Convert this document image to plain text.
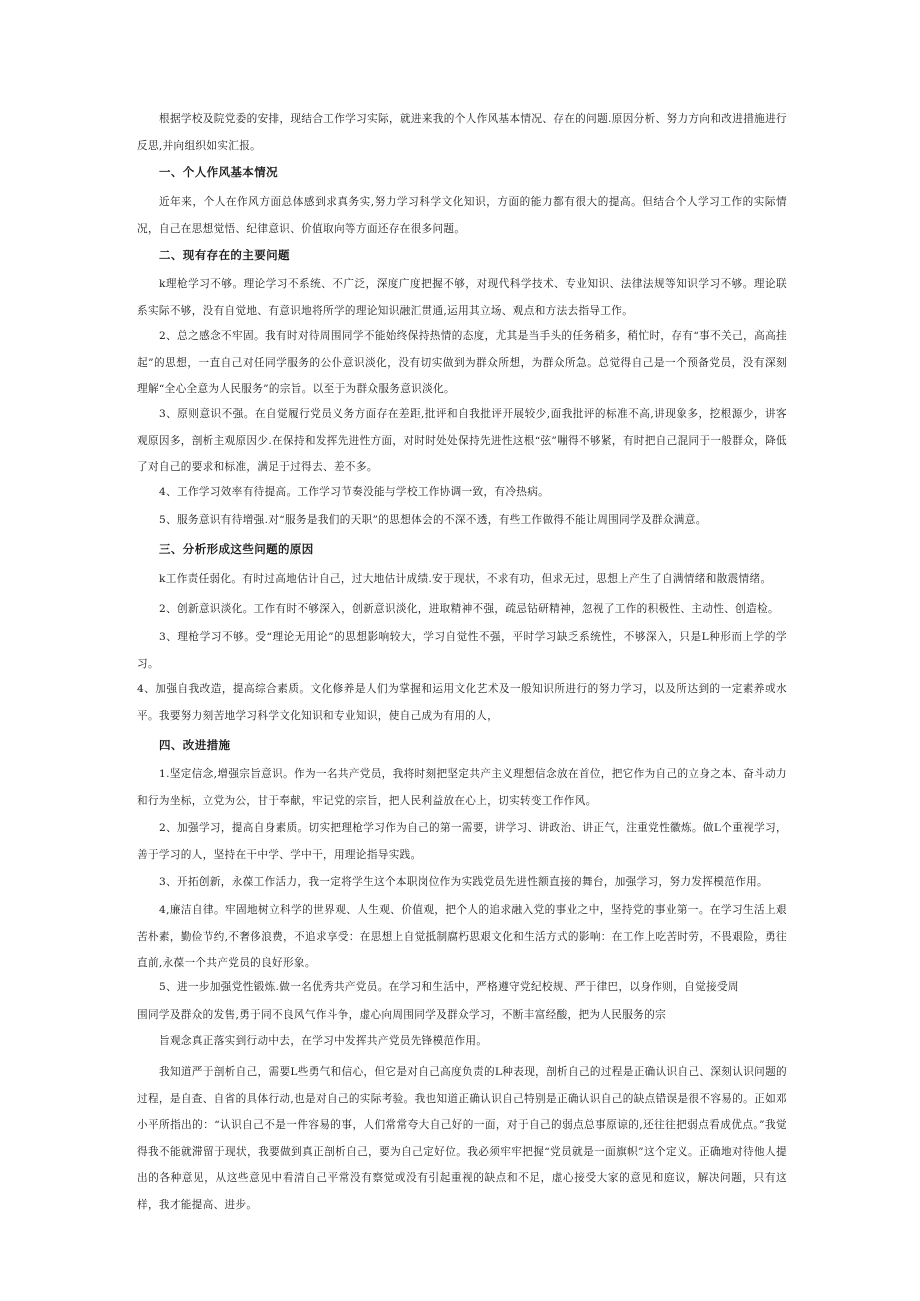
根据学校及院党委的安排，现结合工作学习实际，就进来我的个人作风基本情况、存在的问题.原因分析、努力方向和改进措施进行反思,并向组织如实汇报。

一、个人作风基本情况

近年来，个人在作风方面总体感到求真务实,努力学习科学文化知识，方面的能力都有很大的提高。但结合个人学习工作的实际情况，自己在思想觉悟、纪律意识、价值取向等方面还存在很多问题。

二、现有存在的主要问题

k理枪学习不够。理论学习不系统、不广泛，深度广度把握不够，对现代科学技术、专业知识、法律法规等知识学习不够。理论联系实际不够，没有自觉地、有意识地将所学的理论知识融汇贯通,运用其立场、观点和方法去指导工作。

2、总之感念不牢固。我有时对待周围同学不能始终保持热情的态度，尤其是当手头的任务稍多，稍忙时，存有“事不关己，高高挂起”的思想，一直自己对任同学服务的公仆意识淡化，没有切实做到为群众所想，为群众所急。总觉得自己是一个预备党员，没有深刻理解“全心全意为人民服务”的宗旨。以至于为群众服务意识淡化。

3、原则意识不强。在自觉履行党员义务方面存在差距,批评和自我批评开展较少,面我批评的标准不高,讲现象多，挖根源少，讲客观原因多，剖析主观原因少.在保持和发挥先进性方面，对时时处处保持先进性这根“弦”嘣得不够紧，有时把自己混同于一般群众，降低了对自己的要求和标准，满足于过得去、差不多。

4、工作学习效率有待提高。工作学习节奏没能与学校工作协调一致，有冷热病。

5、服务意识有待增强.对“服务是我们的天职”的思想体会的不深不透，有些工作做得不能让周围同学及群众满意。

三、分析形成这些问题的原因

k工作责任弱化。有时过高地估计自己，过大地估计成绩.安于现状，不求有功，但求无过，思想上产生了自满情绪和散震情绪。

2、创新意识淡化。工作有时不够深入，创新意识淡化，进取精神不强，疏忌钻研精神，忽视了工作的积极性、主动性、创造检。

3、理枪学习不够。受“理论无用论”的思想影响较大，学习自觉性不强，平时学习缺乏系统性，不够深入，只是L种形而上学的学习。

4、加强自我改造，提高综合素质。文化修养是人们为掌握和运用文化艺术及一般知识所进行的努力学习，以及所达到的一定素养或水平。我要努力刻苦地学习科学文化知识和专业知识，使自己成为有用的人，

四、改进措施

1.坚定信念,增强宗旨意识。作为一名共产党员，我将时刻把坚定共产主义理想信念放在首位，把它作为自己的立身之本、奋斗动力和行为坐标，立党为公，甘于奉献，牢记党的宗旨，把人民利益放在心上，切实转变工作作风。

2、加强学习，提高自身素质。切实把理枪学习作为自己的第一需要，讲学习、讲政治、讲正气，注重党性徽炼。做L个重视学习，善于学习的人，坚持在干中学、学中干，用理论指导实践。

3、开拓创新，永葆工作活力，我一定将学生这个本职岗位作为实践党员先进性额直接的舞台，加强学习，努力发挥模范作用。

4,廉洁自律。牢固地树立科学的世界观、人生观、价值观，把个人的追求融入党的事业之中，坚持党的事业第一。在学习生活上艰苦朴素，勤俭节约,不奢侈浪费，不追求享受：在思想上自觉抵制腐朽思艰文化和生活方式的影响：在工作上吃苦时劳，不畏艰险，勇往直前,永葆一个共产党员的良好形象。

5、进一步加强党性锻炼.做一名优秀共产党员。在学习和生活中，严格遵守党纪校规、严于律巴，以身作则，自觉接受周

围同学及群众的发售,勇于同不良风气作斗争，虚心向周围同学及群众学习，不断丰富经酸，把为人民服务的宗

旨观念真正落实到行动中去，在学习中发挥共产党员先锋模范作用。

我知道严于剖析自己，需要L些勇气和信心，但它是对自己高度负责的L种表现，剖析自己的过程是正确认识自己、深刻认识问题的过程，是自查、自省的具体行动,也是对自己的实际考验。我也知道正确认识自己特别是正确认识自己的缺点错误是很不容易的。正如邓小平所指出的：“认识自己不是一件容易的事，人们常常夸大自己好的一面，对于自己的弱点总事原谅的,还往往把弱点看成优点。”我觉得我不能就滞留于现状，我要做到真正剖析自己，要为自己定好位。我必须牢牢把握“党员就是一面旗帜”这个定义。正确地对待他人提出的各种意见，从这些意见中看清自己平常没有察觉或没有引起重视的缺点和不足，虚心接受大家的意见和庭议，解决问题，只有这样，我才能提高、进步。
